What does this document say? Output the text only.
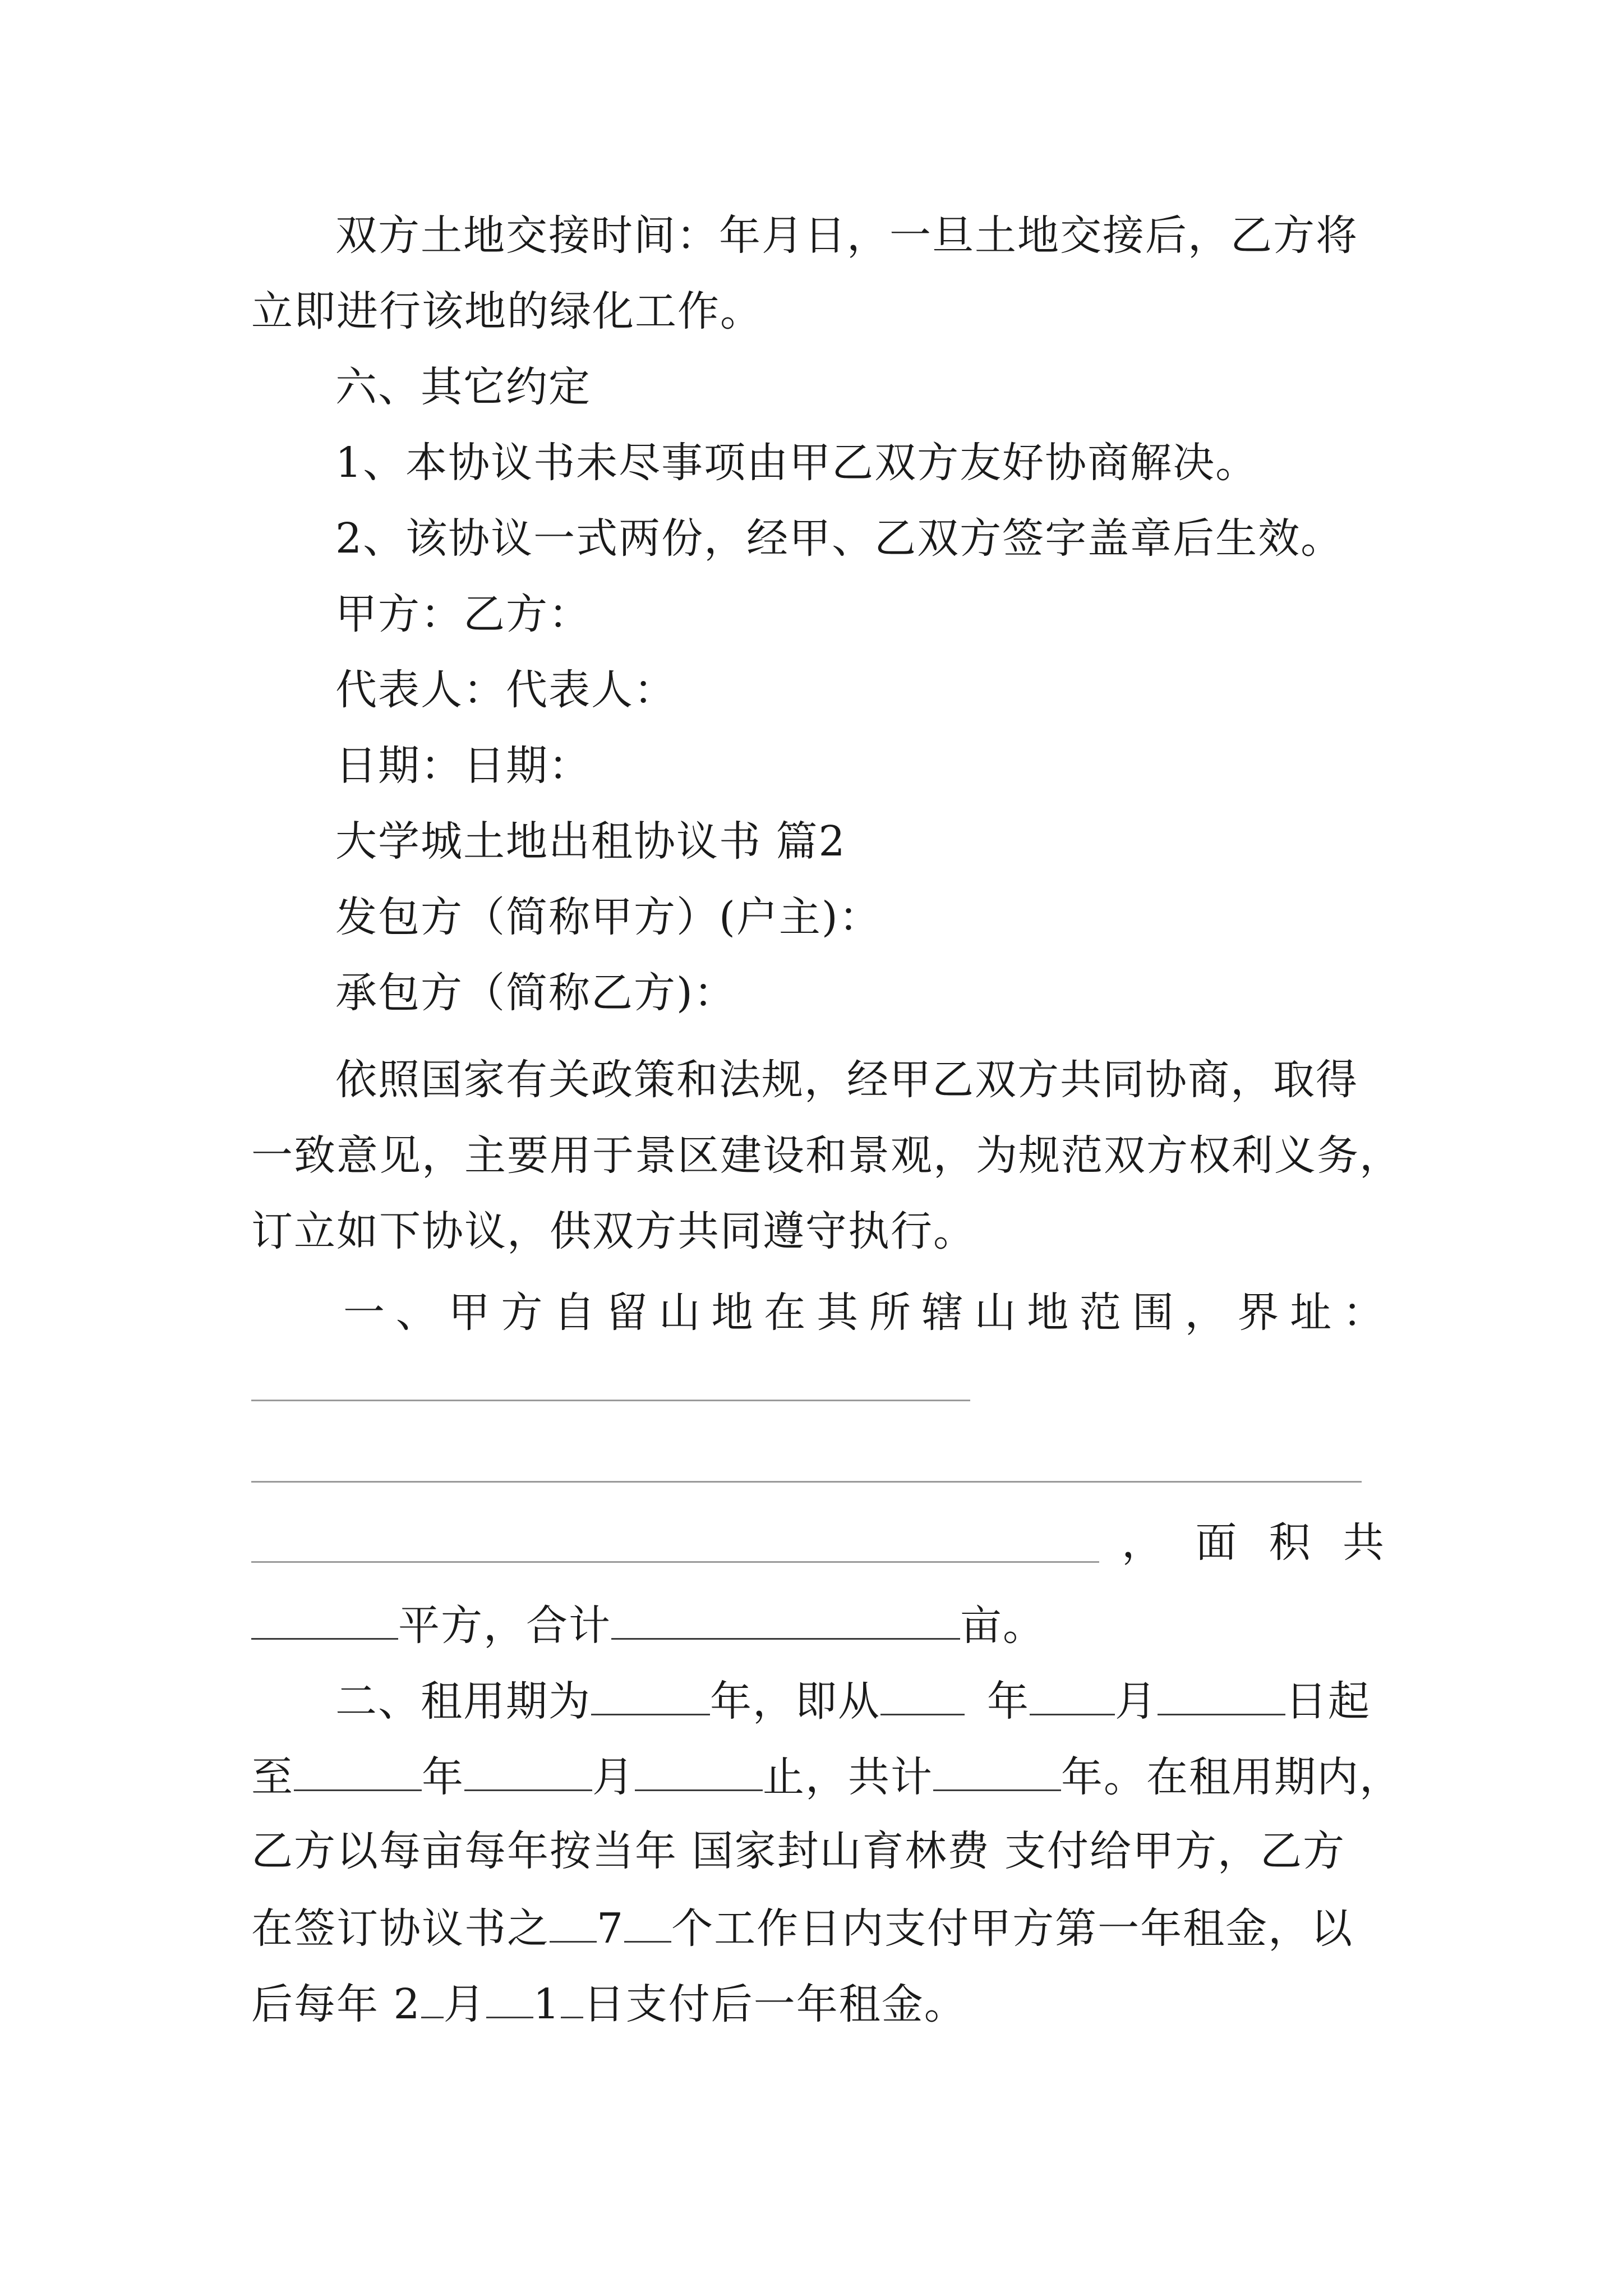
双方土地交接时间：年月日，一旦土地交接后，乙方将
立即进行该地的绿化工作。
六、其它约定
1、本协议书未尽事项由甲乙双方友好协商解决。
2、该协议一式两份，经甲、乙双方签字盖章后生效。
甲方：乙方：
代表人：代表人：
日期：日期：
大学城土地出租协议书 篇2
发包方（简称甲方）(户主)：
承包方（简称乙方)：
依照国家有关政策和法规，经甲乙双方共同协商，取得
一致意见，主要用于景区建设和景观，为规范双方权利义务，
订立如下协议，供双方共同遵守执行。
一、甲方自留山地在其所辖山地范围，界址：
，面积共
平方，合计	亩。
二、租用期为	年，即从	年 月	日起
至	年	月	止，共计	年。在租用期内，
乙方以每亩每年按当年 国家封山育林费 支付给甲方，乙方
在签订协议书之 7 个工作日内支付甲方第一年租金，以
后每年 2 月 1 日支付后一年租金。
